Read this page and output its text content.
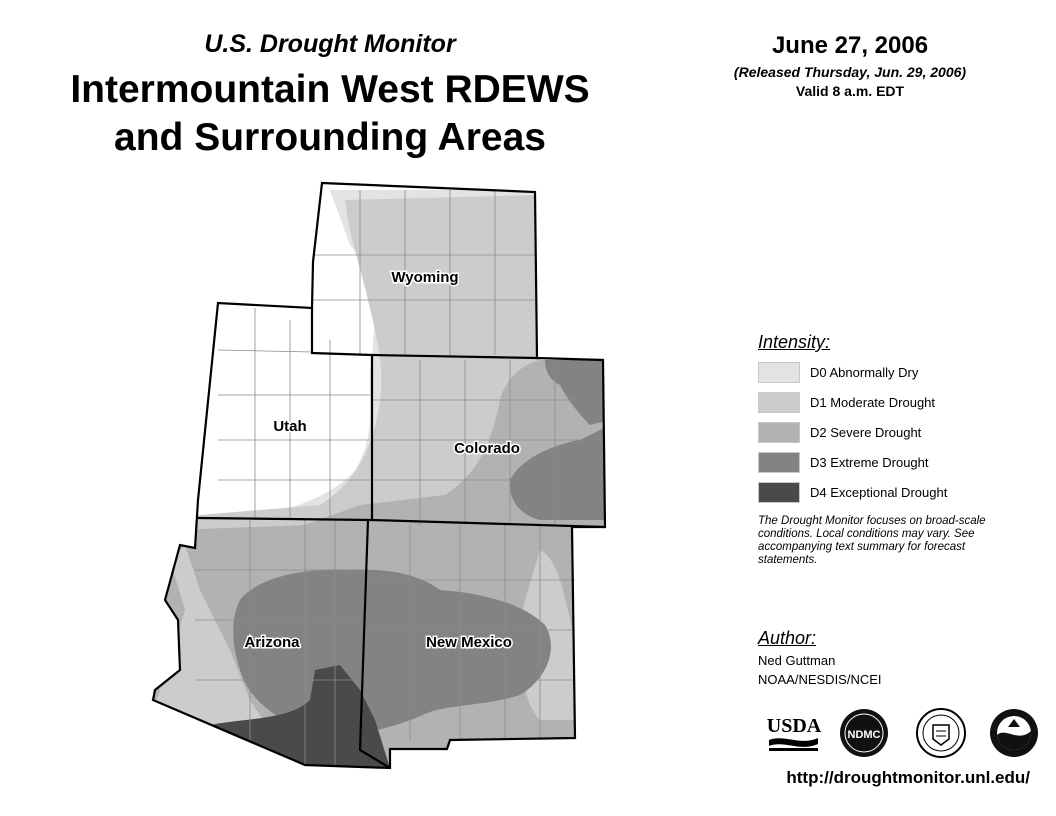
U.S. Drought Monitor
Intermountain West RDEWS
and Surrounding Areas
June 27, 2006
(Released Thursday, Jun. 29, 2006)
Valid 8 a.m. EDT
Wyoming
Utah
Colorado
Arizona	New Mexico
Intensity:
D0 Abnormally Dry
D1 Moderate Drought
D2 Severe Drought
D3 Extreme Drought
D4 Exceptional Drought
The Drought Monitor focuses on broad-scale conditions. Local conditions may vary. See accompanying text summary for forecast statements.
Author:
Ned Guttman
NOAA/NESDIS/NCEI
USDA NDMC
http://droughtmonitor.unl.edu/
